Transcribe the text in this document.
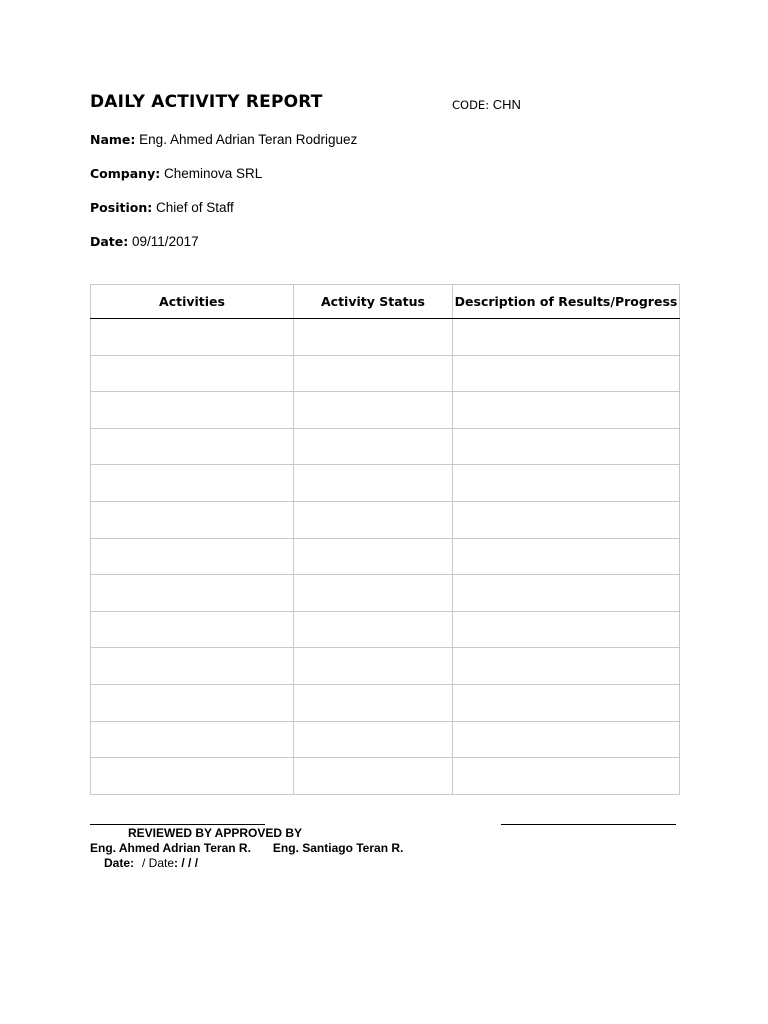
DAILY ACTIVITY REPORT	CODE: CHN
Name: Eng. Ahmed Adrian Teran Rodriguez
Company: Cheminova SRL
Position: Chief of Staff
Date: 09/11/2017
Activities	Activity Status	Description of Results/Progress

REVIEWED BY APPROVED BY
Eng. Ahmed Adrian Teran R. Eng. Santiago Teran R.
Date: / Date: / / /
